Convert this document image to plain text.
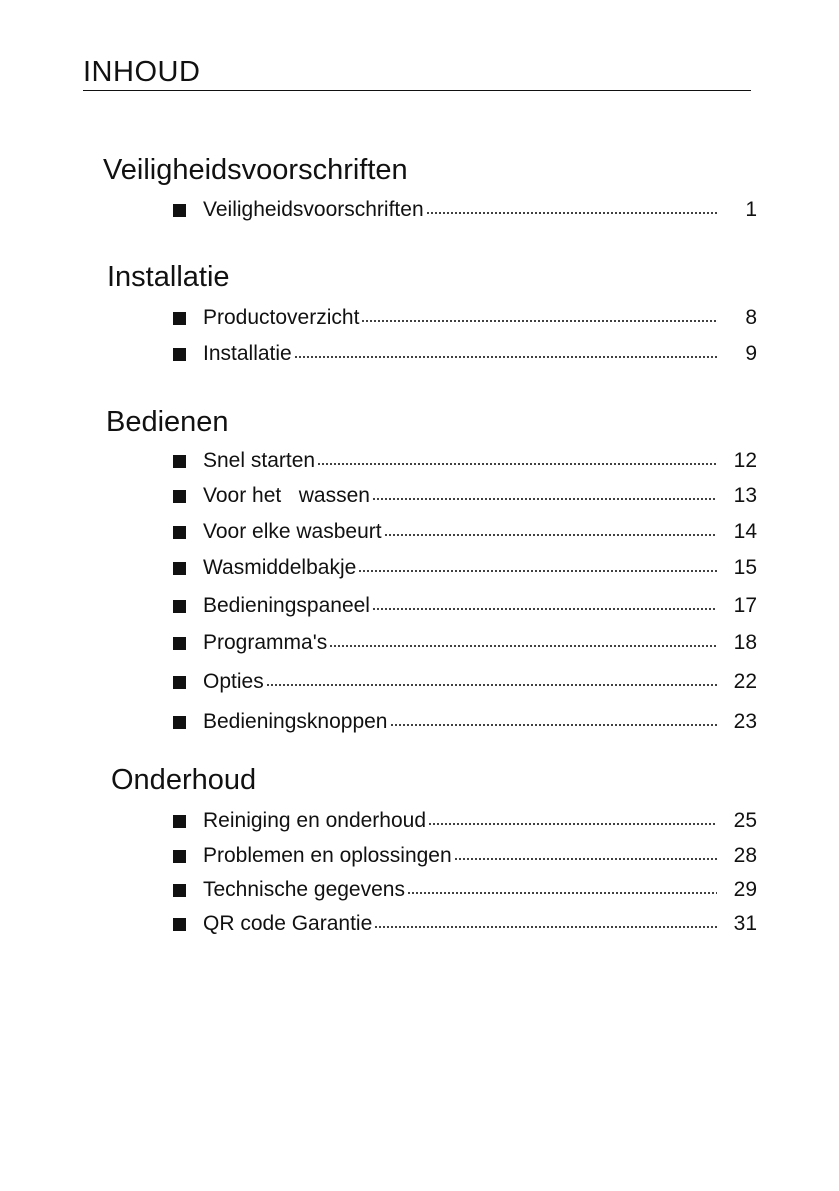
INHOUD
Veiligheidsvoorschriften
Veiligheidsvoorschriften	1
Installatie
Productoverzicht	8
Installatie	9
Bedienen
Snel starten	12
Voor het   wassen	13
Voor elke wasbeurt	14
Wasmiddelbakje	15
Bedieningspaneel	17
Programma's	18
Opties	22
Bedieningsknoppen	23
Onderhoud
Reiniging en onderhoud	25
Problemen en oplossingen	28
Technische gegevens	29
QR code Garantie	31
